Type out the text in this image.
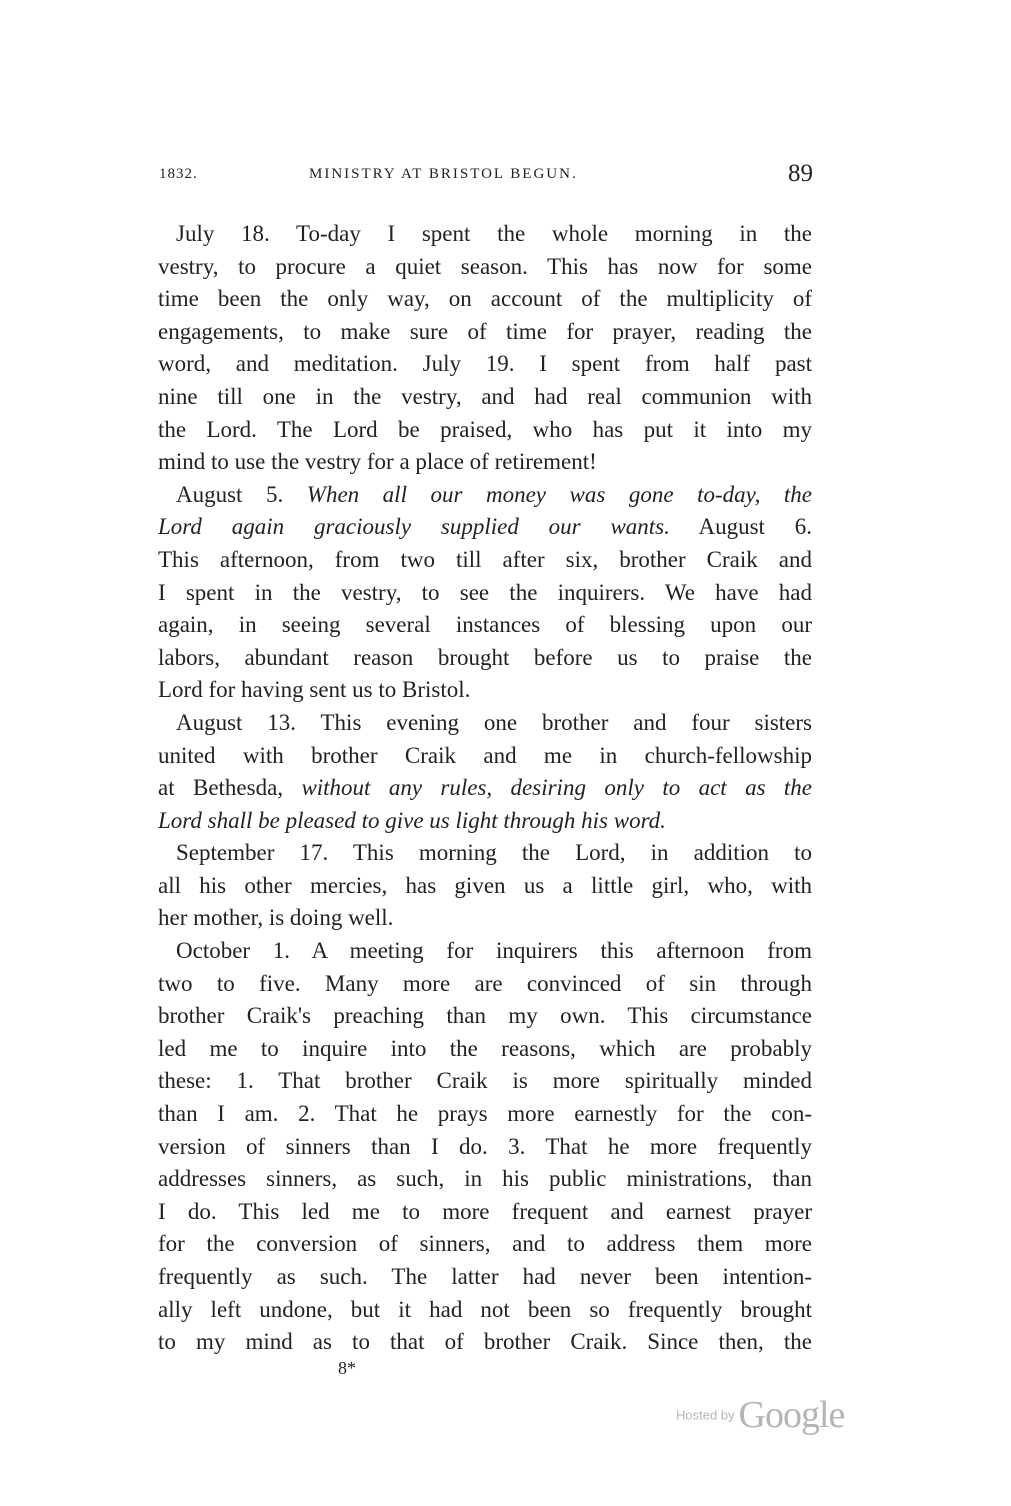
1832.	MINISTRY AT BRISTOL BEGUN.	89
July 18. To-day I spent the whole morning in the
vestry, to procure a quiet season. This has now for some
time been the only way, on account of the multiplicity of
engagements, to make sure of time for prayer, reading the
word, and meditation. July 19. I spent from half past
nine till one in the vestry, and had real communion with
the Lord. The Lord be praised, who has put it into my
mind to use the vestry for a place of retirement!
August 5. When all our money was gone to-day, the
Lord again graciously supplied our wants. August 6.
This afternoon, from two till after six, brother Craik and
I spent in the vestry, to see the inquirers. We have had
again, in seeing several instances of blessing upon our
labors, abundant reason brought before us to praise the
Lord for having sent us to Bristol.
August 13. This evening one brother and four sisters
united with brother Craik and me in church-fellowship
at Bethesda, without any rules, desiring only to act as the
Lord shall be pleased to give us light through his word.
September 17. This morning the Lord, in addition to
all his other mercies, has given us a little girl, who, with
her mother, is doing well.
October 1. A meeting for inquirers this afternoon from
two to five. Many more are convinced of sin through
brother Craik's preaching than my own. This circumstance
led me to inquire into the reasons, which are probably
these: 1. That brother Craik is more spiritually minded
than I am. 2. That he prays more earnestly for the con-
version of sinners than I do. 3. That he more frequently
addresses sinners, as such, in his public ministrations, than
I do. This led me to more frequent and earnest prayer
for the conversion of sinners, and to address them more
frequently as such. The latter had never been intention-
ally left undone, but it had not been so frequently brought
to my mind as to that of brother Craik. Since then, the
8*
Hosted by Google
